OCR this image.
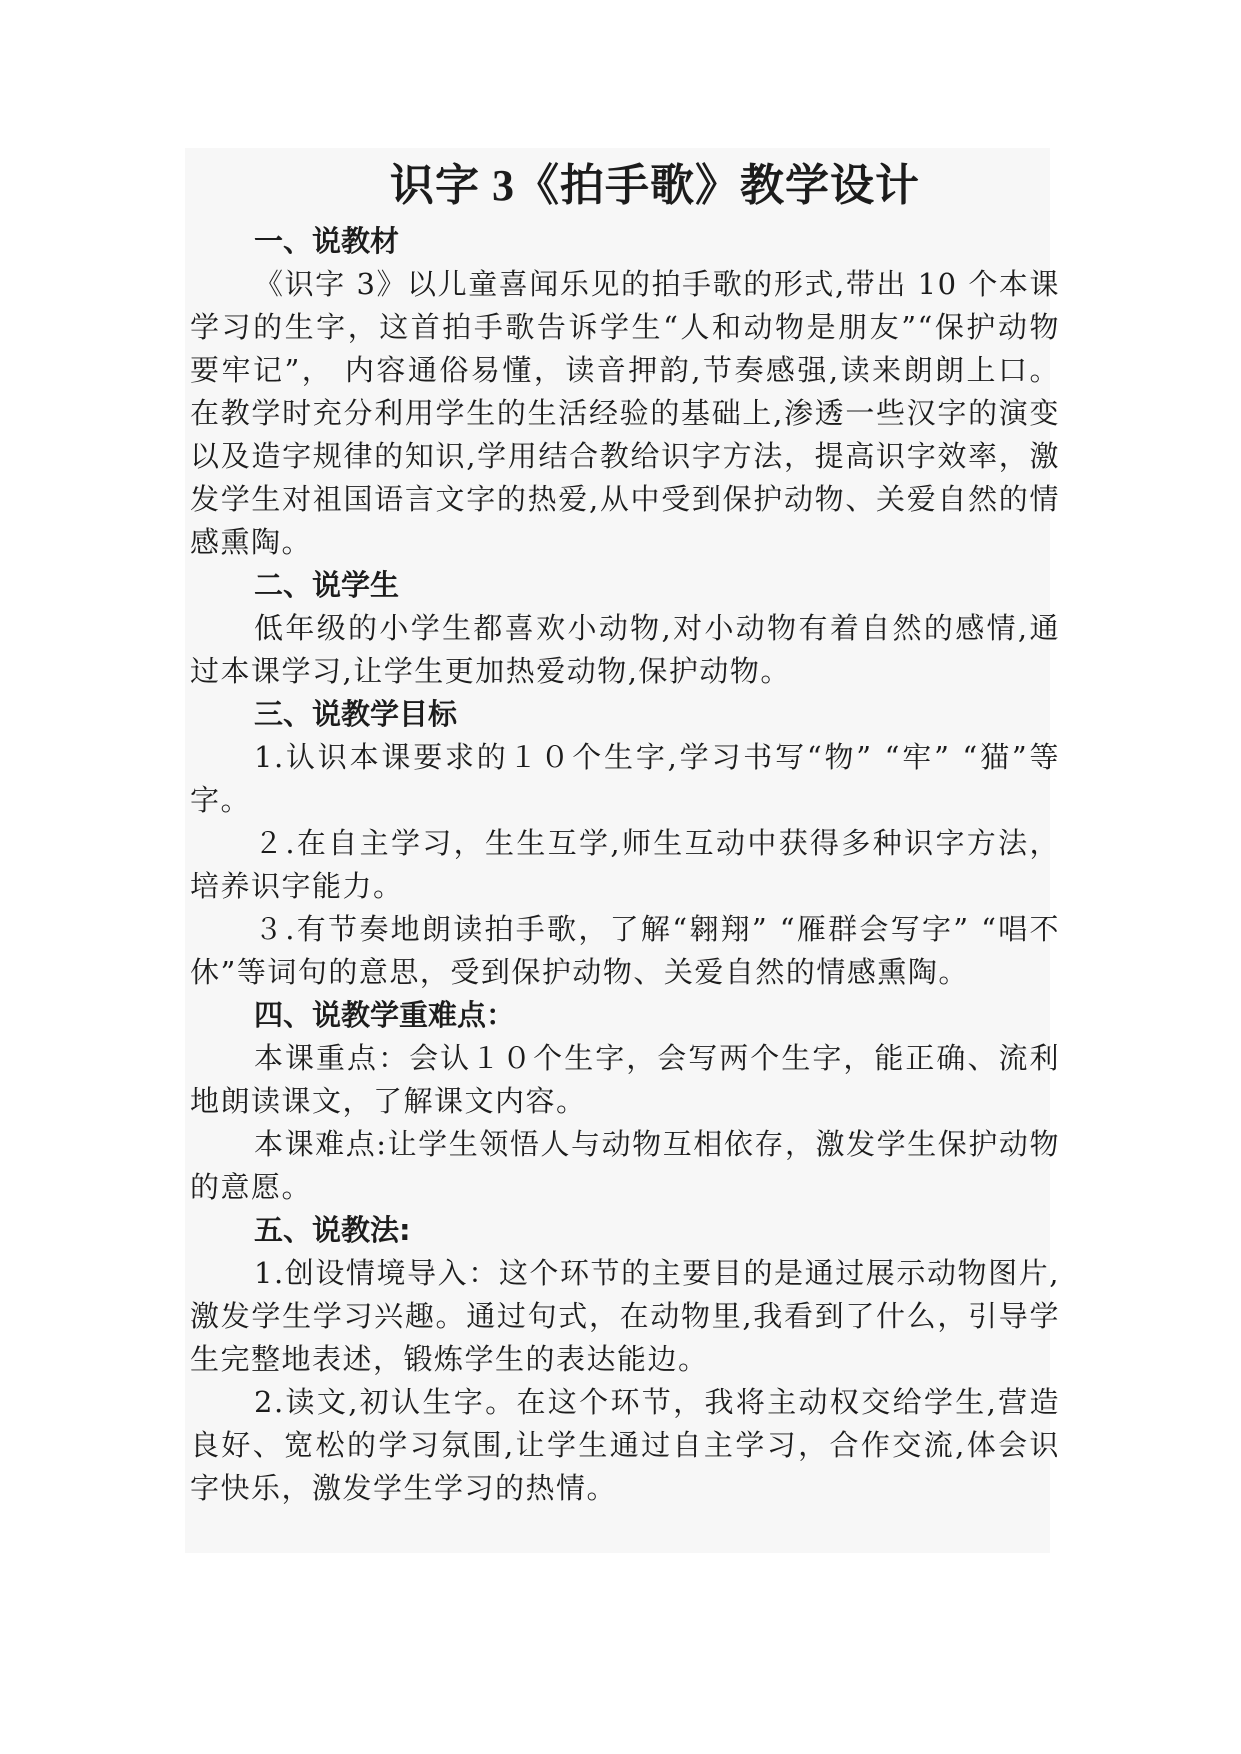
识字 3《拍手歌》教学设计
一、说教材

《识字 3》以儿童喜闻乐见的拍手歌的形式,带出 10 个本课学习的生字，这首拍手歌告诉学生“人和动物是朋友”“保护动物要牢记”， 内容通俗易懂，读音押韵,节奏感强,读来朗朗上口。在教学时充分利用学生的生活经验的基础上,渗透一些汉字的演变以及造字规律的知识,学用结合教给识字方法，提高识字效率，激发学生对祖国语言文字的热爱,从中受到保护动物、关爱自然的情感熏陶。

二、说学生

低年级的小学生都喜欢小动物,对小动物有着自然的感情,通过本课学习,让学生更加热爱动物,保护动物。

三、说教学目标

1.认识本课要求的１０个生字,学习书写“物” “牢” “猫”等字。

２.在自主学习，生生互学,师生互动中获得多种识字方法，培养识字能力。

３.有节奏地朗读拍手歌，了解“翱翔” “雁群会写字” “唱不休”等词句的意思，受到保护动物、关爱自然的情感熏陶。

四、说教学重难点：

本课重点：会认１０个生字，会写两个生字，能正确、流利地朗读课文，了解课文内容。

本课难点:让学生领悟人与动物互相依存，激发学生保护动物的意愿。

五、说教法:

1.创设情境导入：这个环节的主要目的是通过展示动物图片,激发学生学习兴趣。通过句式，在动物里,我看到了什么，引导学生完整地表述，锻炼学生的表达能边。

2.读文,初认生字。在这个环节，我将主动权交给学生,营造良好、宽松的学习氛围,让学生通过自主学习，合作交流,体会识字快乐，激发学生学习的热情。
